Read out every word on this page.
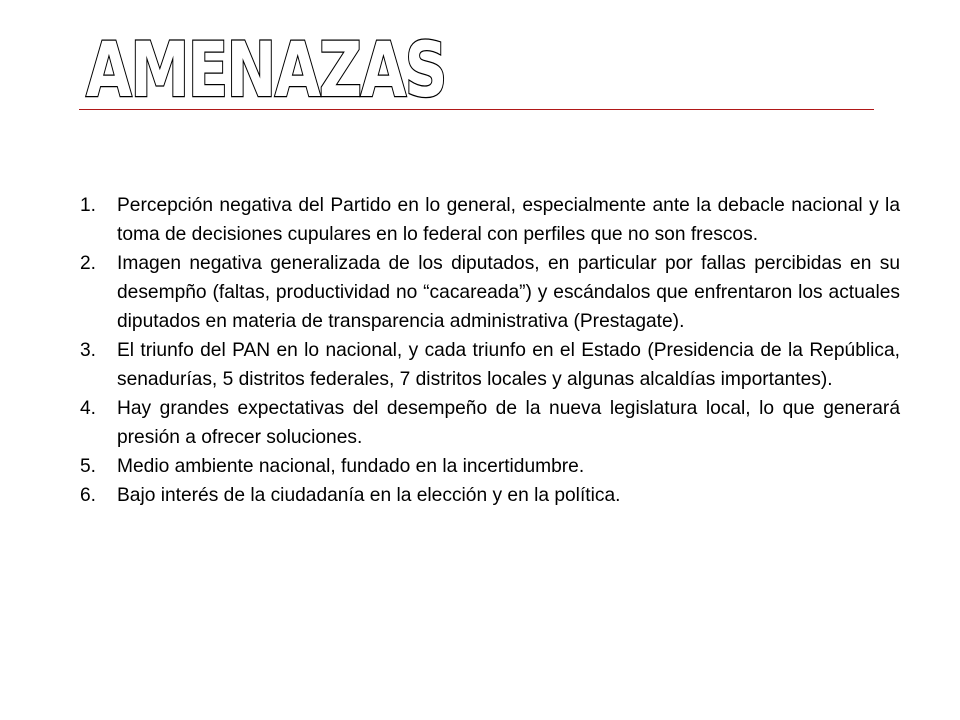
AMENAZAS
1.	Percepción negativa del Partido en lo general, especialmente ante la debacle nacional y la toma de decisiones cupulares en lo federal con perfiles que no son frescos.
2.	Imagen negativa generalizada de los diputados, en particular por fallas percibidas en su desempño (faltas, productividad no “cacareada”) y escándalos que enfrentaron los actuales diputados en materia de transparencia administrativa (Prestagate).
3.	El triunfo del PAN en lo nacional, y cada triunfo en el Estado (Presidencia de la República, senadurías, 5 distritos federales, 7 distritos locales y algunas alcaldías importantes).
4.	Hay grandes expectativas del desempeño de la nueva legislatura local, lo que generará presión a ofrecer soluciones.
5.	Medio ambiente nacional, fundado en la incertidumbre.
6.	Bajo interés de la ciudadanía en la elección y en la política.
